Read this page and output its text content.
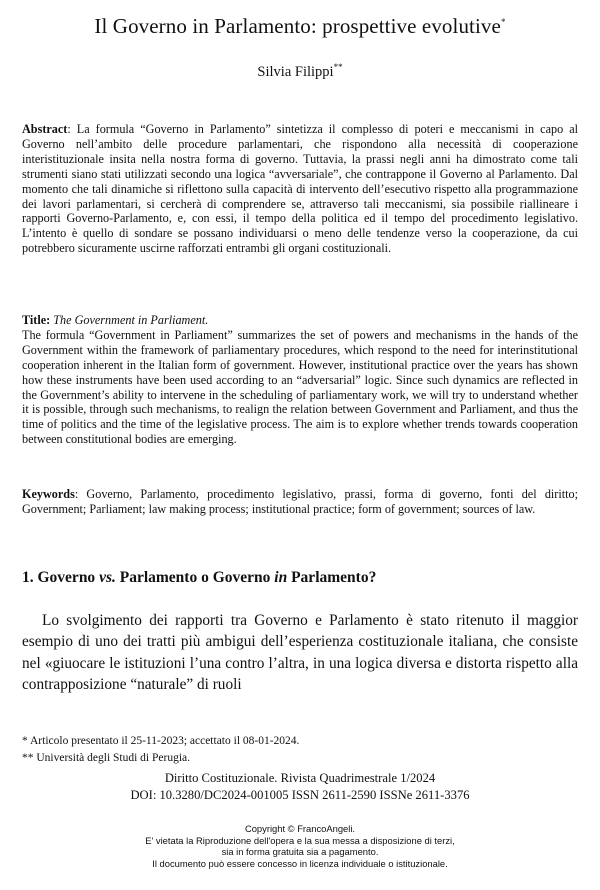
Il Governo in Parlamento: prospettive evolutive*
Silvia Filippi**
Abstract: La formula “Governo in Parlamento” sintetizza il complesso di poteri e meccanismi in capo al Governo nell’ambito delle procedure parlamentari, che rispondono alla necessità di cooperazione interistituzionale insita nella nostra forma di governo. Tuttavia, la prassi negli anni ha dimostrato come tali strumenti siano stati utilizzati secondo una logica “avversariale”, che contrappone il Governo al Parlamento. Dal momento che tali dinamiche si riflettono sulla capacità di intervento dell’esecutivo rispetto alla programmazione dei lavori parlamentari, si cercherà di comprendere se, attraverso tali meccanismi, sia possibile riallineare i rapporti Governo-Parlamento, e, con essi, il tempo della politica ed il tempo del procedimento legislativo. L’intento è quello di sondare se possano individuarsi o meno delle tendenze verso la cooperazione, da cui potrebbero sicuramente uscirne rafforzati entrambi gli organi costituzionali.
Title: The Government in Parliament.
The formula “Government in Parliament” summarizes the set of powers and mechanisms in the hands of the Government within the framework of parliamentary procedures, which respond to the need for interinstitutional cooperation inherent in the Italian form of government. However, institutional practice over the years has shown how these instruments have been used according to an “adversarial” logic. Since such dynamics are reflected in the Government’s ability to intervene in the scheduling of parliamentary work, we will try to understand whether it is possible, through such mechanisms, to realign the relation between Government and Parliament, and thus the time of politics and the time of the legislative process. The aim is to explore whether trends towards cooperation between constitutional bodies are emerging.
Keywords: Governo, Parlamento, procedimento legislativo, prassi, forma di governo, fonti del diritto; Government; Parliament; law making process; institutional practice; form of government; sources of law.
1. Governo vs. Parlamento o Governo in Parlamento?
Lo svolgimento dei rapporti tra Governo e Parlamento è stato ritenuto il maggior esempio di uno dei tratti più ambigui dell’esperienza costituzionale italiana, che consiste nel «giuocare le istituzioni l’una contro l’altra, in una logica diversa e distorta rispetto alla contrapposizione “naturale” di ruoli
* Articolo presentato il 25-11-2023; accettato il 08-01-2024.
** Università degli Studi di Perugia.
Diritto Costituzionale. Rivista Quadrimestrale 1/2024
DOI: 10.3280/DC2024-001005 ISSN 2611-2590 ISSNe 2611-3376
Copyright © FrancoAngeli.
E' vietata la Riproduzione dell'opera e la sua messa a disposizione di terzi,
sia in forma gratuita sia a pagamento.
Il documento può essere concesso in licenza individuale o istituzionale.
